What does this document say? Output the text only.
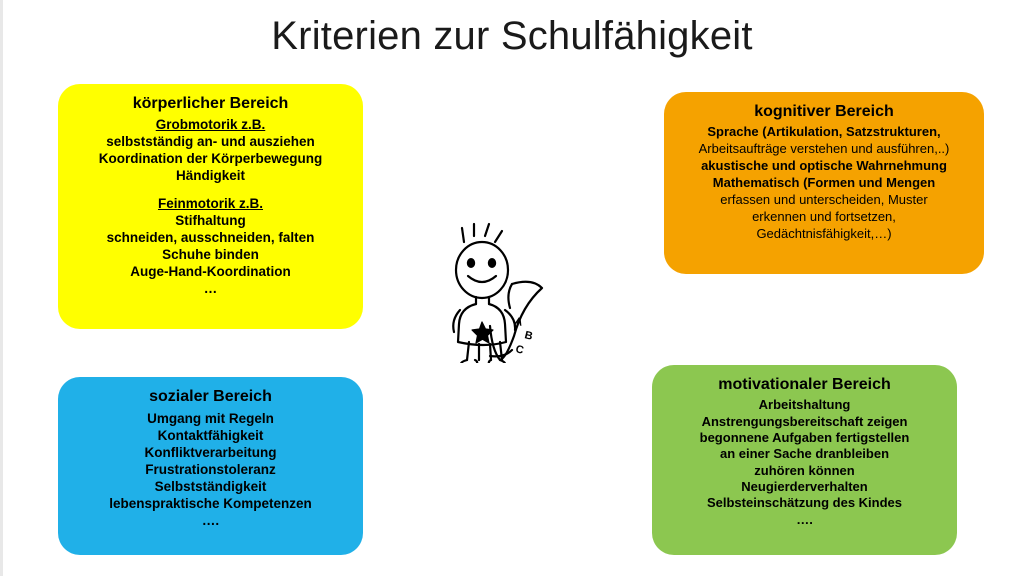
Kriterien zur Schulfähigkeit
körperlicher Bereich
Grobmotorik z.B.
selbstständig an- und ausziehen
Koordination der Körperbewegung
Händigkeit
Feinmotorik z.B.
Stifhaltung
schneiden, ausschneiden, falten
Schuhe binden
Auge-Hand-Koordination
…
kognitiver Bereich
Sprache (Artikulation, Satzstrukturen,
Arbeitsaufträge verstehen und ausführen,..)
akustische und optische Wahrnehmung
Mathematisch (Formen und Mengen
erfassen und unterscheiden, Muster
erkennen und fortsetzen,
Gedächtnisfähigkeit,…)
sozialer Bereich
Umgang mit Regeln
Kontaktfähigkeit
Konfliktverarbeitung
Frustrationstoleranz
Selbstständigkeit
lebenspraktische Kompetenzen
….
motivationaler Bereich
Arbeitshaltung
Anstrengungsbereitschaft zeigen
begonnene Aufgaben fertigstellen
an einer Sache dranbleiben
zuhören können
Neugierderverhalten
Selbsteinschätzung des Kindes
….
A
B
C
